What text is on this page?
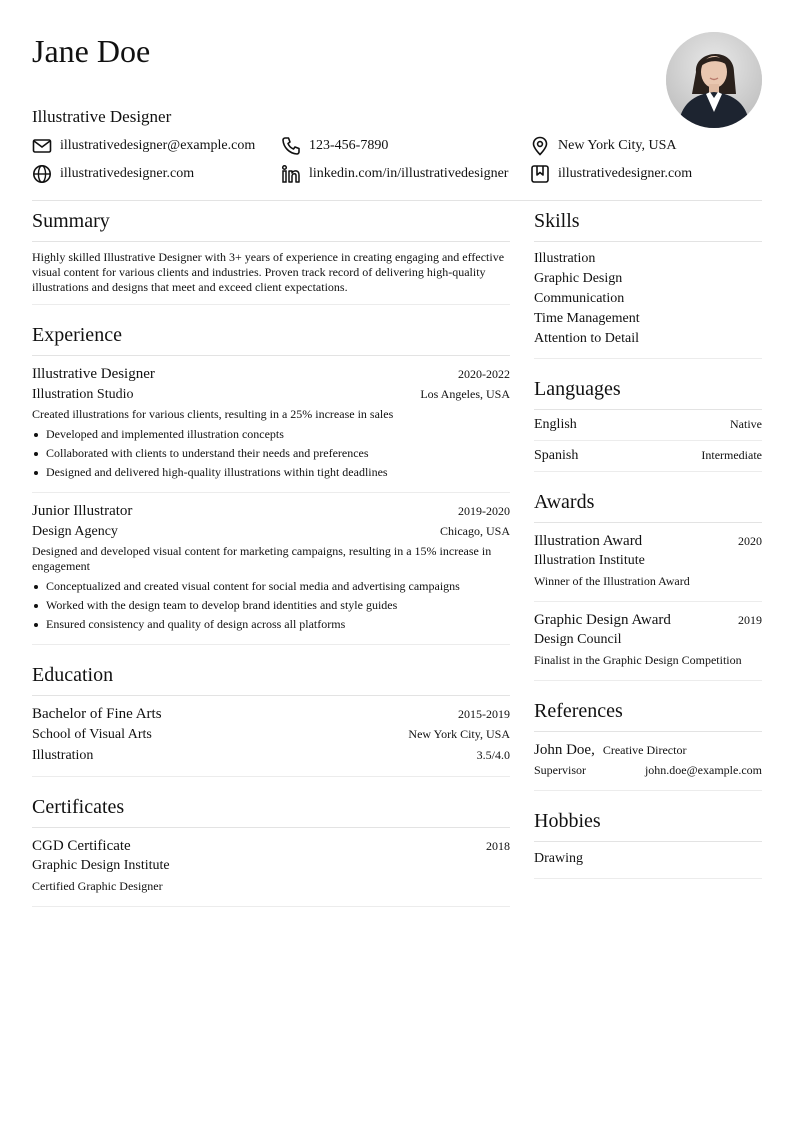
Jane Doe
Illustrative Designer
illustrativedesigner@example.com	123-456-7890	New York City, USA
illustrativedesigner.com	linkedin.com/in/illustrativedesigner	illustrativedesigner.com
Summary

Highly skilled Illustrative Designer with 3+ years of experience in creating engaging and effective visual content for various clients and industries. Proven track record of delivering high-quality illustrations and designs that meet and exceed client expectations.

Experience
Illustrative Designer	2020-2022
Illustration Studio	Los Angeles, USA

Created illustrations for various clients, resulting in a 25% increase in sales

Developed and implemented illustration concepts
Collaborated with clients to understand their needs and preferences
Designed and delivered high-quality illustrations within tight deadlines
Junior Illustrator	2019-2020
Design Agency	Chicago, USA

Designed and developed visual content for marketing campaigns, resulting in a 15% increase in engagement

Conceptualized and created visual content for social media and advertising campaigns
Worked with the design team to develop brand identities and style guides
Ensured consistency and quality of design across all platforms
Education
Bachelor of Fine Arts	2015-2019
School of Visual Arts	New York City, USA
Illustration	3.5/4.0
Certificates
CGD Certificate	2018
Graphic Design Institute
Certified Graphic Designer
Skills
Illustration
Graphic Design
Communication
Time Management
Attention to Detail
Languages
English	Native
Spanish	Intermediate
Awards
Illustration Award	2020
Illustration Institute
Winner of the Illustration Award
Graphic Design Award	2019
Design Council
Finalist in the Graphic Design Competition
References
John Doe, Creative Director
Supervisor	john.doe@example.com
Hobbies
Drawing
